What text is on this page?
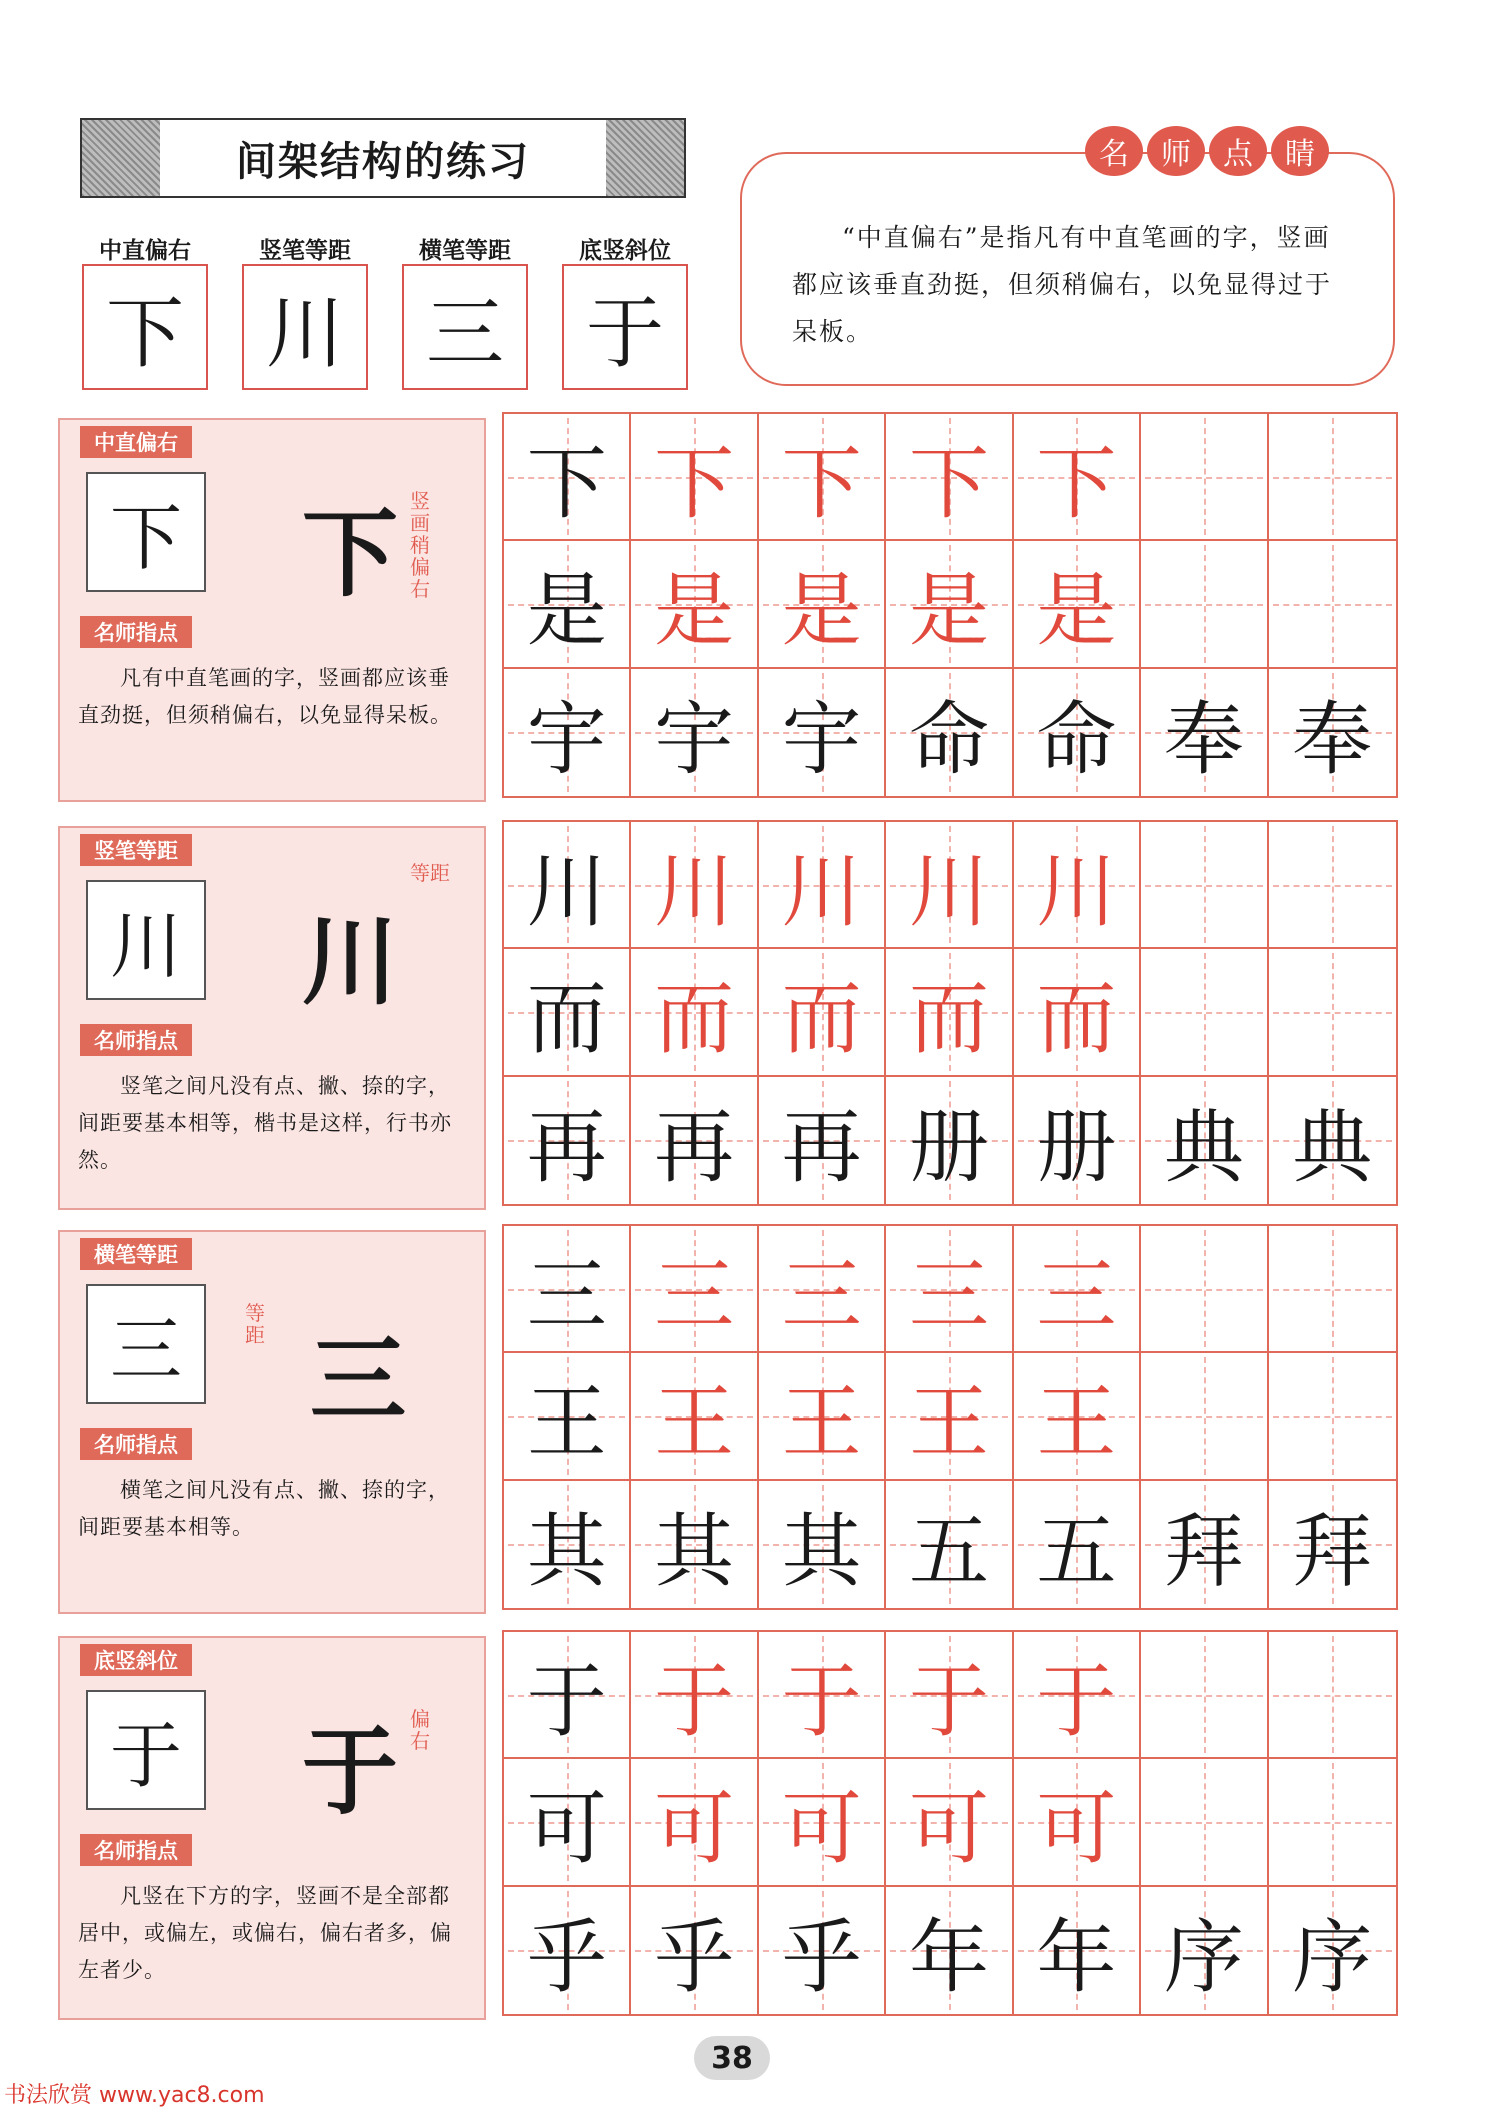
间架结构的练习
中直偏右	竖笔等距	横笔等距	底竖斜位
下	川	三	于
“中直偏右”是指凡有中直笔画的字，竖画都应该垂直劲挺，但须稍偏右，以免显得过于呆板。
名	师	点	睛
中直偏右
下 下 竖画稍偏右
名师指点
凡有中直笔画的字，竖画都应该垂直劲挺，但须稍偏右，以免显得呆板。
下 下 下 下 下
是 是 是 是 是
宇 宇 宇 命 命 奉 奉
竖笔等距
川 川
等距
名师指点
竖笔之间凡没有点、撇、捺的字，间距要基本相等，楷书是这样，行书亦然。
川 川 川 川 川
而 而 而 而 而
再 再 再 册 册 典 典
横笔等距
三 三
等距
名师指点
横笔之间凡没有点、撇、捺的字，间距要基本相等。
三 三 三 三 三
王 王 王 王 王
其 其 其 五 五 拜 拜
底竖斜位
于 于 偏右
名师指点
凡竖在下方的字，竖画不是全部都居中，或偏左，或偏右，偏右者多，偏左者少。
于 于 于 于 于
可 可 可 可 可
乎 乎 乎 年 年 序 序
38
书法欣赏 www.yac8.com
